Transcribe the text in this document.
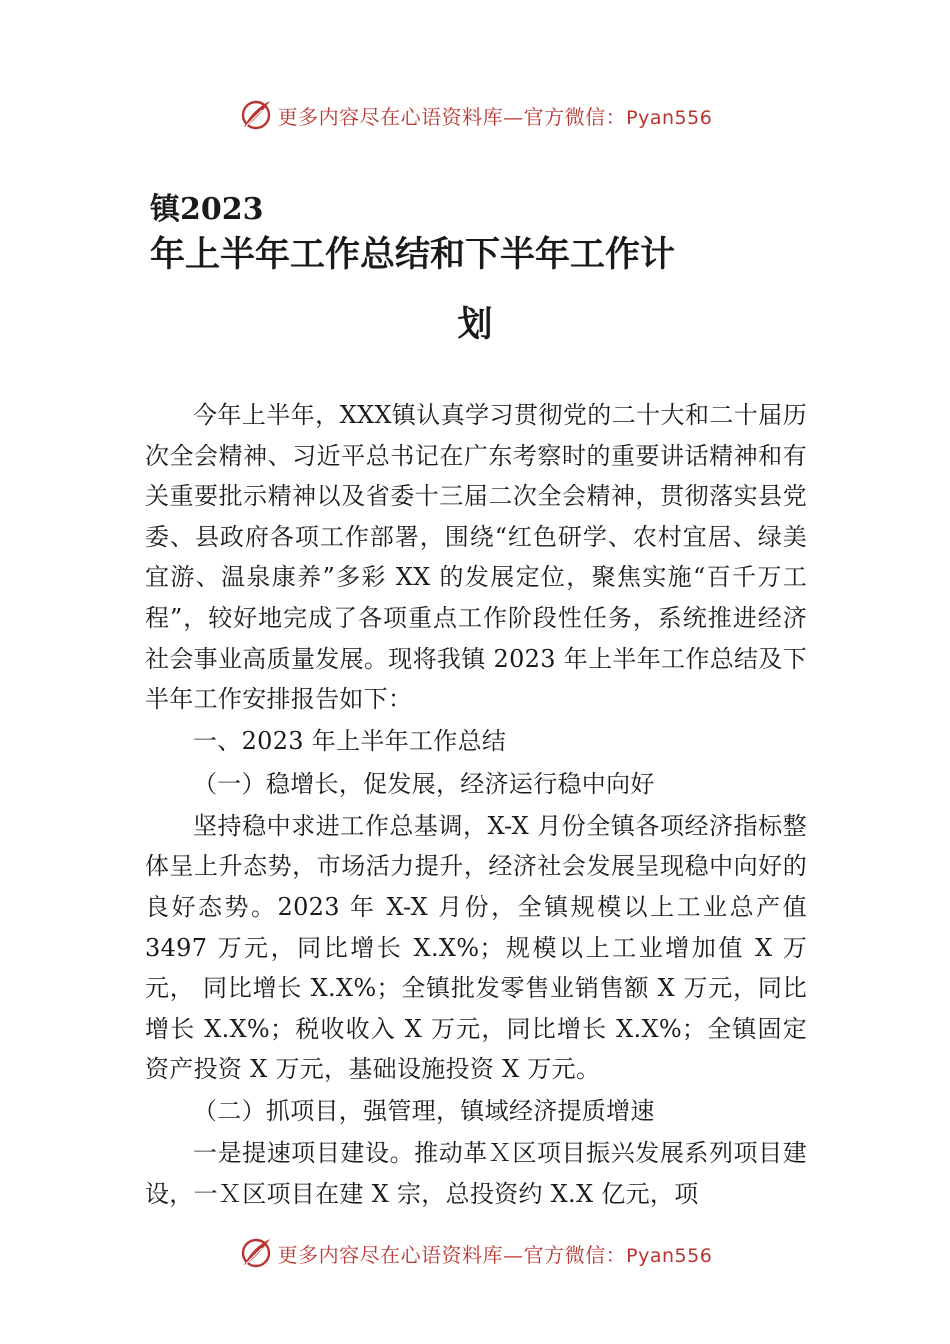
更多内容尽在心语资料库—官方微信：Pyan556
镇2023
年上半年工作总结和下半年工作计
划

今年上半年，XXX镇认真学习贯彻党的二十大和二十届历次全会精神、习近平总书记在广东考察时的重要讲话精神和有关重要批示精神以及省委十三届二次全会精神，贯彻落实县党委、县政府各项工作部署，围绕“红色研学、农村宜居、绿美宜游、温泉康养”多彩 XX 的发展定位，聚焦实施“百千万工程”，较好地完成了各项重点工作阶段性任务，系统推进经济社会事业高质量发展。现将我镇 2023 年上半年工作总结及下半年工作安排报告如下：

一、2023 年上半年工作总结

（一）稳增长，促发展，经济运行稳中向好

坚持稳中求进工作总基调，X-X 月份全镇各项经济指标整体呈上升态势，市场活力提升，经济社会发展呈现稳中向好的良好态势。2023 年 X-X 月份，全镇规模以上工业总产值 3497 万元，同比增长 X.X%；规模以上工业增加值 X 万元， 同比增长 X.X%；全镇批发零售业销售额 X 万元，同比增长 X.X%；税收收入 X 万元，同比增长 X.X%；全镇固定资产投资 X 万元，基础设施投资 X 万元。

（二）抓项目，强管理，镇域经济提质增速

一是提速项目建设。推动革Ｘ区项目振兴发展系列项目建设，一Ｘ区项目在建 X 宗，总投资约 X.X 亿元，项

更多内容尽在心语资料库—官方微信：Pyan556
